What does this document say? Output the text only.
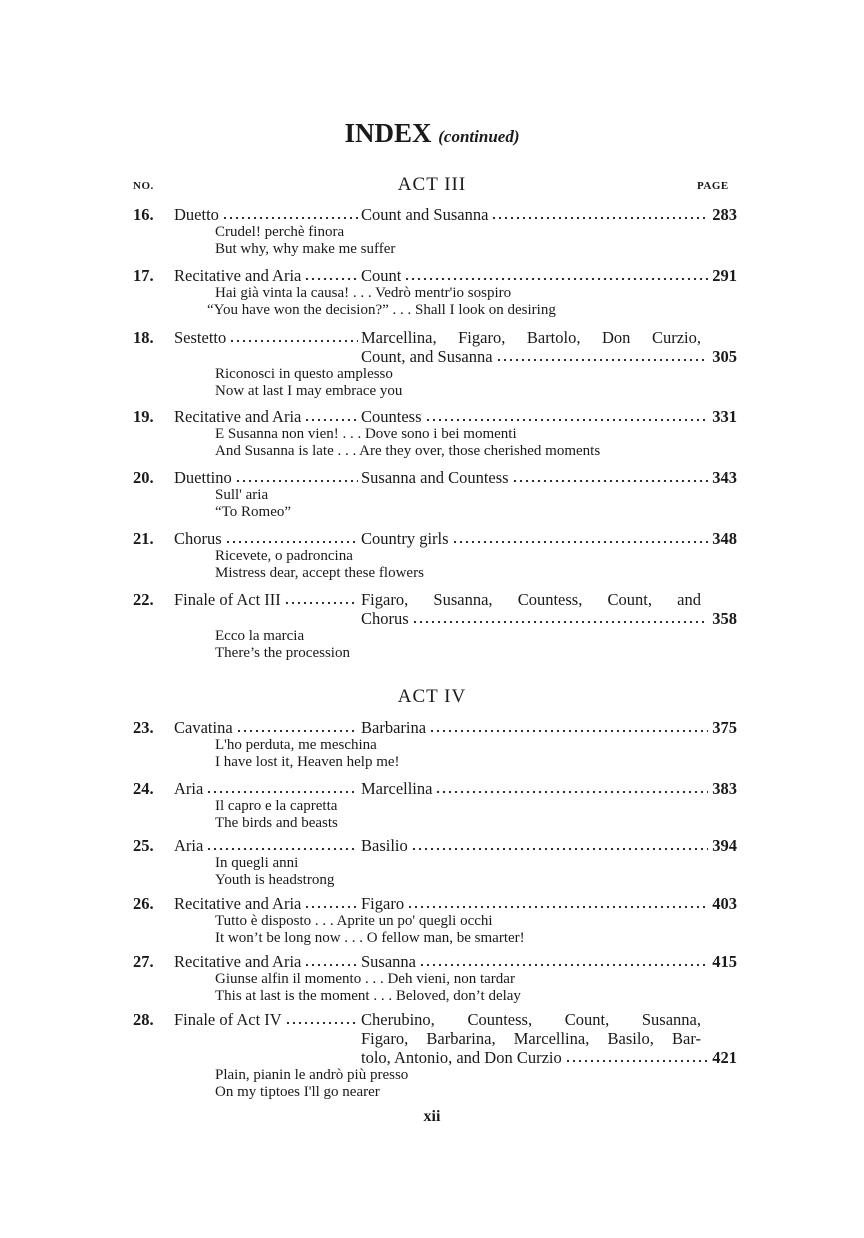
INDEX (continued)
NO.	PAGE
ACT III
16.	Duetto	Count and Susanna	283
Crudel! perchè finora
But why, why make me suffer
17.	Recitative and Aria	Count	291
Hai già vinta la causa! . . . Vedrò mentr'io sospiro
“You have won the decision?” . . . Shall I look on desiring
18.	Sestetto	Marcellina, Figaro, Bartolo, Don Curzio,
Count, and Susanna	305
Riconosci in questo amplesso
Now at last I may embrace you
19.	Recitative and Aria	Countess	331
E Susanna non vien! . . . Dove sono i bei momenti
And Susanna is late . . . Are they over, those cherished moments
20.	Duettino	Susanna and Countess	343
Sull' aria
“To Romeo”
21.	Chorus	Country girls	348
Ricevete, o padroncina
Mistress dear, accept these flowers
22.	Finale of Act III	Figaro, Susanna, Countess, Count, and
Chorus	358
Ecco la marcia
There’s the procession
ACT IV
23.	Cavatina	Barbarina	375
L'ho perduta, me meschina
I have lost it, Heaven help me!
24.	Aria	Marcellina	383
Il capro e la capretta
The birds and beasts
25.	Aria	Basilio	394
In quegli anni
Youth is headstrong
26.	Recitative and Aria	Figaro	403
Tutto è disposto . . . Aprite un po' quegli occhi
It won’t be long now . . . O fellow man, be smarter!
27.	Recitative and Aria	Susanna	415
Giunse alfin il momento . . . Deh vieni, non tardar
This at last is the moment . . . Beloved, don’t delay
28.	Finale of Act IV	Cherubino, Countess, Count, Susanna,
Figaro, Barbarina, Marcellina, Basilo, Bar-
tolo, Antonio, and Don Curzio	421
Plain, pianin le andrò più presso
On my tiptoes I'll go nearer
xii
